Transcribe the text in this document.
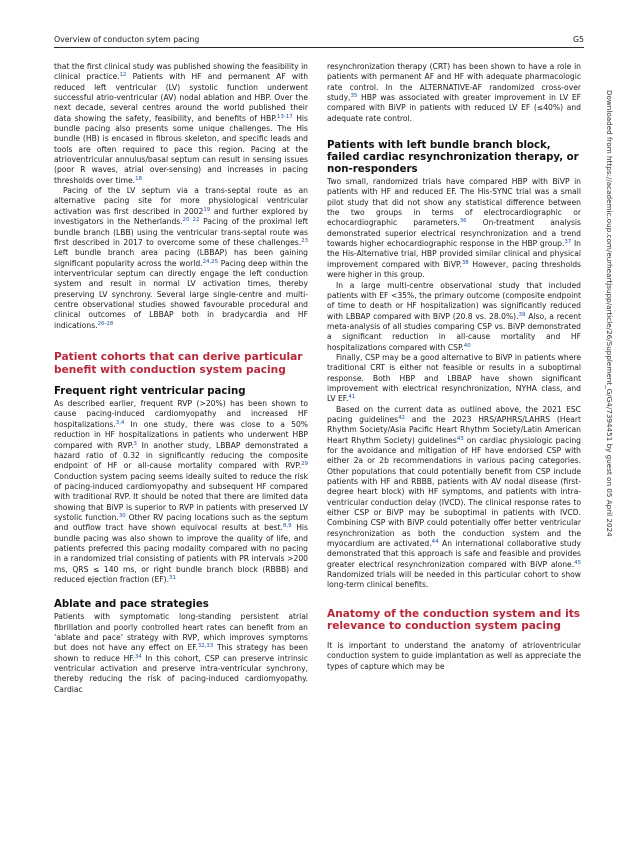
Overview of conducton sytem pacing	G5

that the first clinical study was published showing the feasibility in clinical practice.$^{12}$ Patients with HF and permanent AF with reduced left ventricular (LV) systolic function underwent successful atrio-ventricular (AV) nodal ablation and HBP. Over the next decade, several centres around the world published their data showing the safety, feasibility, and benefits of HBP.$^{13-17}$ His bundle pacing also presents some unique challenges. The His bundle (HB) is encased in fibrous skeleton, and specific leads and tools are often required to pace this region. Pacing at the atrioventricular annulus/basal septum can result in sensing issues (poor R waves, atrial over-sensing) and increases in pacing thresholds over time.$^{18}$

Pacing of the LV septum via a trans-septal route as an alternative pacing site for more physiological ventricular activation was first described in 2002$^{19}$ and further explored by investigators in the Netherlands.$^{20 22}$ Pacing of the proximal left bundle branch (LBB) using the ventricular trans-septal route was first described in 2017 to overcome some of these challenges.$^{23}$ Left bundle branch area pacing (LBBAP) has been gaining significant popularity across the world.$^{24,25}$ Pacing deep within the interventricular septum can directly engage the left conduction system and result in normal LV activation times, thereby preserving LV synchrony. Several large single-centre and multi-centre observational studies showed favourable procedural and clinical outcomes of LBBAP both in bradycardia and HF indications.$^{26-28}$

Patient cohorts that can derive particular benefit with conduction system pacing
Frequent right ventricular pacing

As described earlier, frequent RVP (>20%) has been shown to cause pacing-induced cardiomyopathy and increased HF hospitalizations.$^{3,4}$ In one study, there was close to a 50% reduction in HF hospitalizations in patients who underwent HBP compared with RVP.$^3$ In another study, LBBAP demonstrated a hazard ratio of 0.32 in significantly reducing the composite endpoint of HF or all-cause mortality compared with RVP.$^{29}$ Conduction system pacing seems ideally suited to reduce the risk of pacing-induced cardiomyopathy and subsequent HF compared with traditional RVP. It should be noted that there are limited data showing that BiVP is superior to RVP in patients with preserved LV systolic function.$^{30}$ Other RV pacing locations such as the septum and outflow tract have shown equivocal results at best.$^{8,9}$ His bundle pacing was also shown to improve the quality of life, and patients preferred this pacing modality compared with no pacing in a randomized trial consisting of patients with PR intervals >200 ms, QRS ≤ 140 ms, or right bundle branch block (RBBB) and reduced ejection fraction (EF).$^{31}$

Ablate and pace strategies

Patients with symptomatic long-standing persistent atrial fibrillation and poorly controlled heart rates can benefit from an ‘ablate and pace’ strategy with RVP, which improves symptoms but does not have any effect on EF.$^{32,33}$ This strategy has been shown to reduce HF.$^{34}$ In this cohort, CSP can preserve intrinsic ventricular activation and preserve intra-ventricular synchrony, thereby reducing the risk of pacing-induced cardiomyopathy. Cardiac

resynchronization therapy (CRT) has been shown to have a role in patients with permanent AF and HF with adequate pharmacologic rate control. In the ALTERNATIVE-AF randomized cross-over study,$^{35}$ HBP was associated with greater improvement in LV EF compared with BiVP in patients with reduced LV EF (≤40%) and adequate rate control.

Patients with left bundle branch block, failed cardiac resynchronization therapy, or non-responders

Two small, randomized trials have compared HBP with BiVP in patients with HF and reduced EF. The His-SYNC trial was a small pilot study that did not show any statistical difference between the two groups in terms of electrocardiographic or echocardiographic parameters.$^{36}$ On-treatment analysis demonstrated superior electrical resynchronization and a trend towards higher echocardiographic response in the HBP group.$^{37}$ In the His-Alternative trial, HBP provided similar clinical and physical improvement compared with BiVP.$^{38}$ However, pacing thresholds were higher in this group.

In a large multi-centre observational study that included patients with EF <35%, the primary outcome (composite endpoint of time to death or HF hospitalization) was significantly reduced with LBBAP compared with BiVP (20.8 vs. 28.0%).$^{39}$ Also, a recent meta-analysis of all studies comparing CSP vs. BiVP demonstrated a significant reduction in all-cause mortality and HF hospitalizations compared with CSP.$^{40}$

Finally, CSP may be a good alternative to BiVP in patients where traditional CRT is either not feasible or results in a suboptimal response. Both HBP and LBBAP have shown significant improvement with electrical resynchronization, NYHA class, and LV EF.$^{41}$

Based on the current data as outlined above, the 2021 ESC pacing guidelines$^{42}$ and the 2023 HRS/APHRS/LAHRS (Heart Rhythm Society/Asia Pacific Heart Rhythm Society/Latin American Heart Rhythm Society) guidelines$^{43}$ on cardiac physiologic pacing for the avoidance and mitigation of HF have endorsed CSP with either 2a or 2b recommendations in various pacing categories. Other populations that could potentially benefit from CSP include patients with HF and RBBB, patients with AV nodal disease (first-degree heart block) with HF symptoms, and patients with intra-ventricular conduction delay (IVCD). The clinical response rates to either CSP or BiVP may be suboptimal in patients with IVCD. Combining CSP with BiVP could potentially offer better ventricular resynchronization as both the conduction system and the myocardium are activated.$^{44}$ An international collaborative study demonstrated that this approach is safe and feasible and provides greater electrical resynchronization compared with BiVP alone.$^{45}$ Randomized trials will be needed in this particular cohort to show long-term clinical benefits.

Anatomy of the conduction system and its relevance to conduction system pacing

It is important to understand the anatomy of atrioventricular conduction system to guide implantation as well as appreciate the types of capture which may be

Downloaded from https://academic.oup.com/eurheartjsupp/article/26/Supplement_G/G4/7394451 by guest on 05 April 2024
